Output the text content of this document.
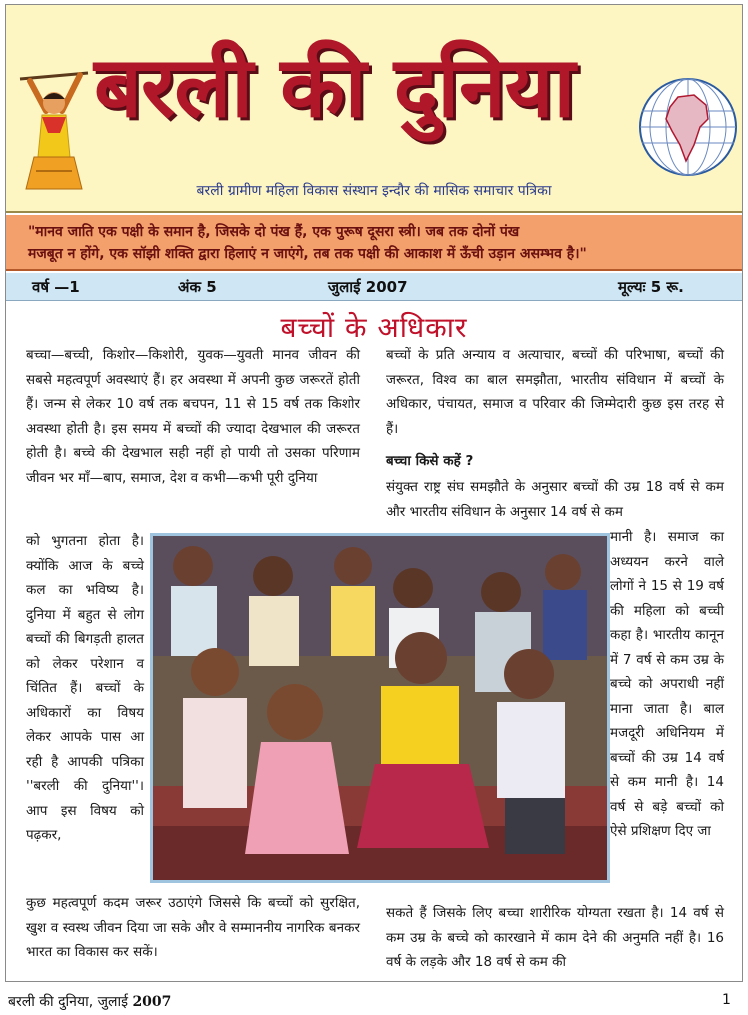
बरली की दुनिया
बरली ग्रामीण महिला विकास संस्थान इन्दौर की मासिक समाचार पत्रिका

"मानव जाति एक पक्षी के समान है, जिसके दो पंख हैं, एक पुरूष दूसरा स्त्री। जब तक दोनों पंख

मजबूत न होंगे, एक सॉझी शक्ति द्वारा हिलाएं न जाएंगे, तब तक पक्षी की आकाश में ऊँची उड़ान असम्भव है।"

वर्ष —1	अंक 5	जुलाई 2007	मूल्यः 5 रू.
बच्चों के अधिकार
बच्चा—बच्ची, किशोर—किशोरी, युवक—युवती मानव जीवन की सबसे महत्वपूर्ण अवस्थाएं हैं। हर अवस्था में अपनी कुछ जरूरतें होती हैं। जन्म से लेकर 10 वर्ष तक बचपन, 11 से 15 वर्ष तक किशोर अवस्था होती है। इस समय में बच्चों की ज्यादा देखभाल की जरूरत होती है। बच्चे की देखभाल सही नहीं हो पायी तो उसका परिणाम जीवन भर माँ—बाप, समाज, देश व कभी—कभी पूरी दुनिया
को भुगतना होता है। क्योंकि आज के बच्चे कल का भविष्य है। दुनिया में बहुत से लोग बच्चों की बिगड़ती हालत को लेकर परेशान व चिंतित हैं। बच्चों के अधिकारों का विषय लेकर आपके पास आ रही है आपकी पत्रिका ''बरली की दुनिया''। आप इस विषय को पढ़कर,
कुछ महत्वपूर्ण कदम जरूर उठाएंगे जिससे कि बच्चों को सुरक्षित, खुश व स्वस्थ जीवन दिया जा सके और वे सम्माननीय नागरिक बनकर भारत का विकास कर सकें।
बच्चों के प्रति अन्याय व अत्याचार, बच्चों की परिभाषा, बच्चों की जरूरत, विश्व का बाल समझौता, भारतीय संविधान में बच्चों के अधिकार, पंचायत, समाज व परिवार की जिम्मेदारी कुछ इस तरह से हैं।
बच्चा किसे कहें ?
संयुक्त राष्ट्र संघ समझौते के अनुसार बच्चों की उम्र 18 वर्ष से कम और भारतीय संविधान के अनुसार 14 वर्ष से कम
मानी है। समाज का अध्ययन करने वाले लोगों ने 15 से 19 वर्ष की महिला को बच्ची कहा है। भारतीय कानून में 7 वर्ष से कम उम्र के बच्चे को अपराधी नहीं माना जाता है। बाल मजदूरी अधिनियम में बच्चों की उम्र 14 वर्ष से कम मानी है। 14 वर्ष से बड़े बच्चों को ऐसे प्रशिक्षण दिए जा
सकते हैं जिसके लिए बच्चा शारीरिक योग्यता रखता है। 14 वर्ष से कम उम्र के बच्चे को कारखाने में काम देने की अनुमति नहीं है। 16 वर्ष के लड़के और 18 वर्ष से कम की
बरली की दुनिया, जुलाई 2007	1
